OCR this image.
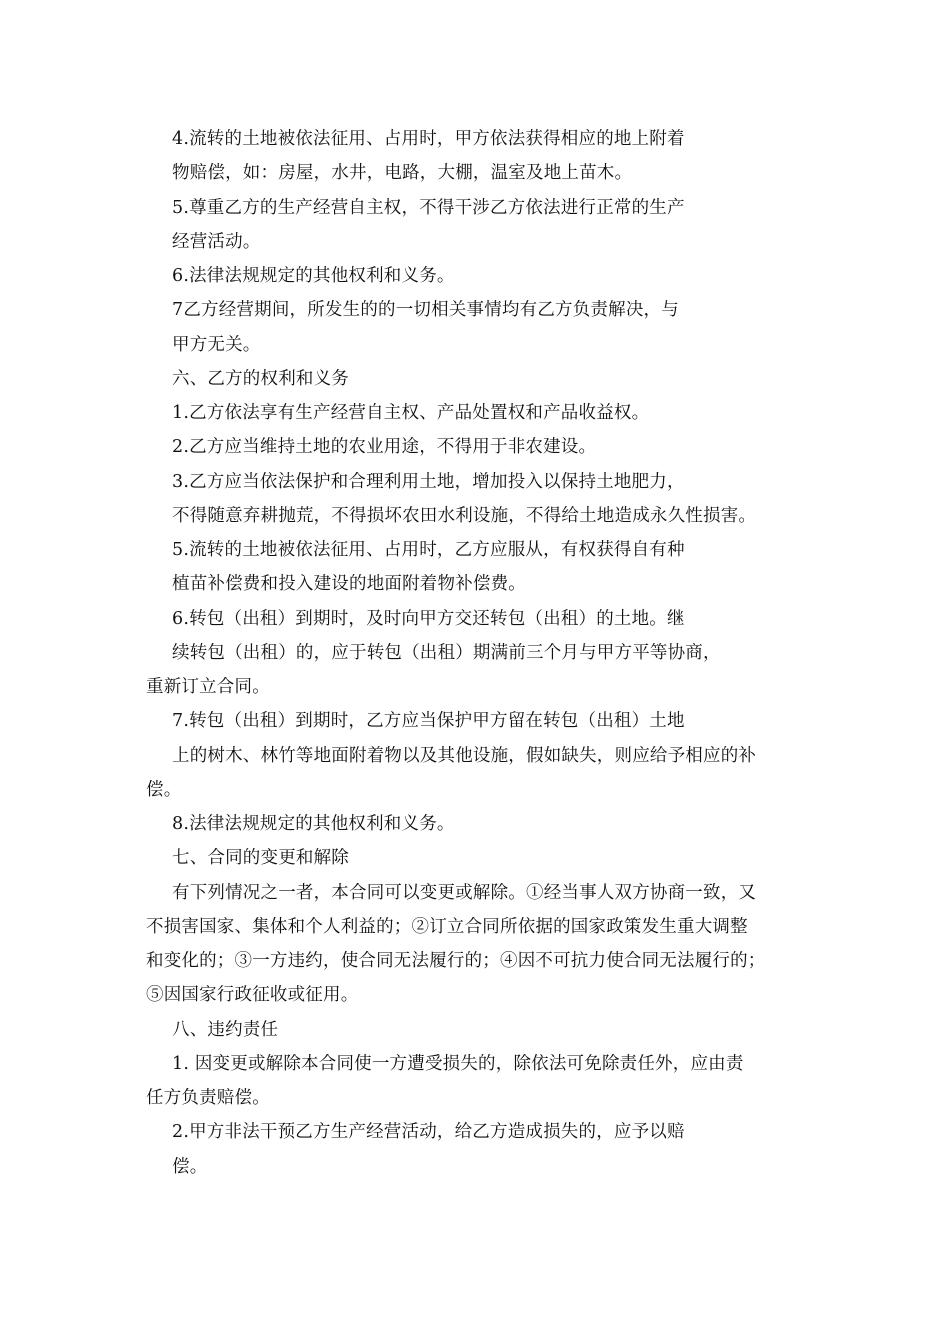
4.流转的土地被依法征用、占用时，甲方依法获得相应的地上附着
物赔偿，如：房屋，水井，电路，大棚，温室及地上苗木。
5.尊重乙方的生产经营自主权，不得干涉乙方依法进行正常的生产
经营活动。
6.法律法规规定的其他权利和义务。
7乙方经营期间，所发生的的一切相关事情均有乙方负责解决，与
甲方无关。
六、乙方的权利和义务
1.乙方依法享有生产经营自主权、产品处置权和产品收益权。
2.乙方应当维持土地的农业用途，不得用于非农建设。
3.乙方应当依法保护和合理利用土地，增加投入以保持土地肥力，
不得随意弃耕抛荒，不得损坏农田水利设施，不得给土地造成永久性损害。
5.流转的土地被依法征用、占用时，乙方应服从，有权获得自有种
植苗补偿费和投入建设的地面附着物补偿费。
6.转包（出租）到期时，及时向甲方交还转包（出租）的土地。继
续转包（出租）的，应于转包（出租）期满前三个月与甲方平等协商，
重新订立合同。
7.转包（出租）到期时，乙方应当保护甲方留在转包（出租）土地
上的树木、林竹等地面附着物以及其他设施，假如缺失，则应给予相应的补
偿。
8.法律法规规定的其他权利和义务。
七、合同的变更和解除
有下列情况之一者，本合同可以变更或解除。①经当事人双方协商一致，又
不损害国家、集体和个人利益的；②订立合同所依据的国家政策发生重大调整
和变化的；③一方违约，使合同无法履行的；④因不可抗力使合同无法履行的；
⑤因国家行政征收或征用。
八、违约责任
1. 因变更或解除本合同使一方遭受损失的，除依法可免除责任外，应由责
任方负责赔偿。
2.甲方非法干预乙方生产经营活动，给乙方造成损失的，应予以赔
偿。
